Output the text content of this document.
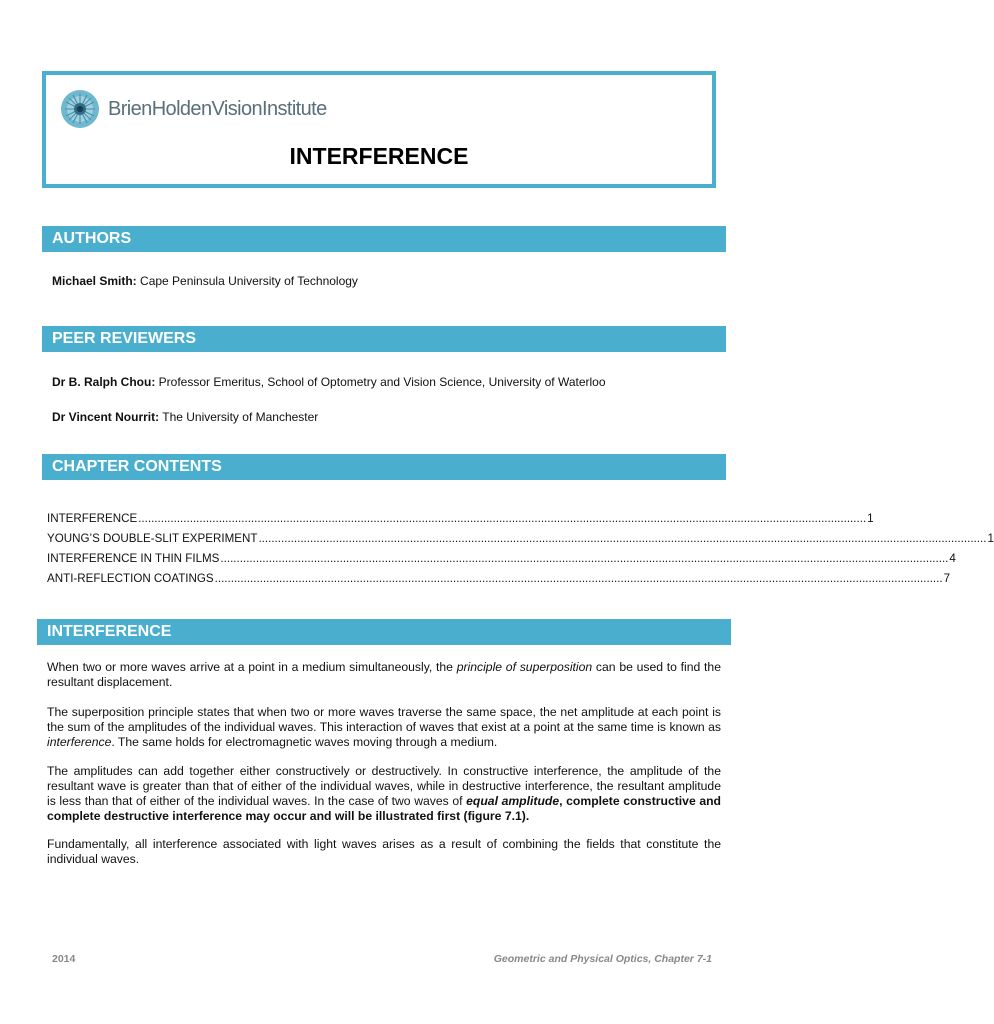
BrienHoldenVisionInstitute
INTERFERENCE
AUTHORS
Michael Smith: Cape Peninsula University of Technology
PEER REVIEWERS
Dr B. Ralph Chou: Professor Emeritus, School of Optometry and Vision Science, University of Waterloo
Dr Vincent Nourrit: The University of Manchester
CHAPTER CONTENTS
INTERFERENCE .................................................................................................................................................................................................................................. 1
YOUNG’S DOUBLE-SLIT EXPERIMENT .................................................................................................................................................................................................................................. 1
INTERFERENCE IN THIN FILMS .................................................................................................................................................................................................................................. 4
ANTI-REFLECTION COATINGS .................................................................................................................................................................................................................................. 7
INTERFERENCE
When two or more waves arrive at a point in a medium simultaneously, the principle of superposition can be used to find the resultant displacement.
The superposition principle states that when two or more waves traverse the same space, the net amplitude at each point is the sum of the amplitudes of the individual waves. This interaction of waves that exist at a point at the same time is known as interference. The same holds for electromagnetic waves moving through a medium.
The amplitudes can add together either constructively or destructively. In constructive interference, the amplitude of the resultant wave is greater than that of either of the individual waves, while in destructive interference, the resultant amplitude is less than that of either of the individual waves. In the case of two waves of equal amplitude, complete constructive and complete destructive interference may occur and will be illustrated first (figure 7.1).
Fundamentally, all interference associated with light waves arises as a result of combining the fields that constitute the individual waves.
2014	Geometric and Physical Optics, Chapter 7-1
